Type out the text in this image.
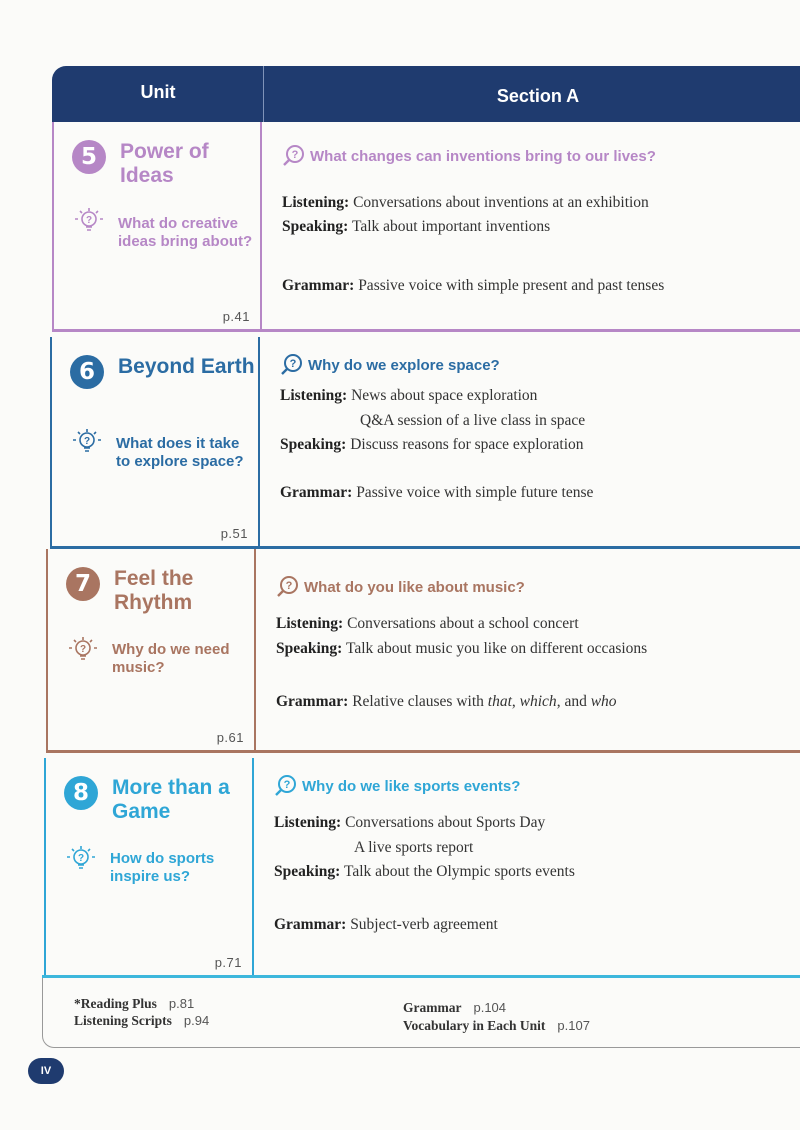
Unit	Section A
5	Power of Ideas
? What do creative ideas bring about?
p.41
? What changes can inventions bring to our lives?
Listening: Conversations about inventions at an exhibition
Speaking: Talk about important inventions
Grammar: Passive voice with simple present and past tenses
6	Beyond Earth
? What does it take to explore space?
p.51
? Why do we explore space?
Listening: News about space exploration
Q&A session of a live class in space
Speaking: Discuss reasons for space exploration
Grammar: Passive voice with simple future tense
7	Feel the Rhythm
? Why do we need music?
p.61
? What do you like about music?
Listening: Conversations about a school concert
Speaking: Talk about music you like on different occasions
Grammar: Relative clauses with that, which, and who
8	More than a Game
? How do sports inspire us?
p.71
? Why do we like sports events?
Listening: Conversations about Sports Day
A live sports report
Speaking: Talk about the Olympic sports events
Grammar: Subject-verb agreement
*Reading Plus p.81
Listening Scripts p.94
Grammar p.104
Vocabulary in Each Unit p.107
IV
